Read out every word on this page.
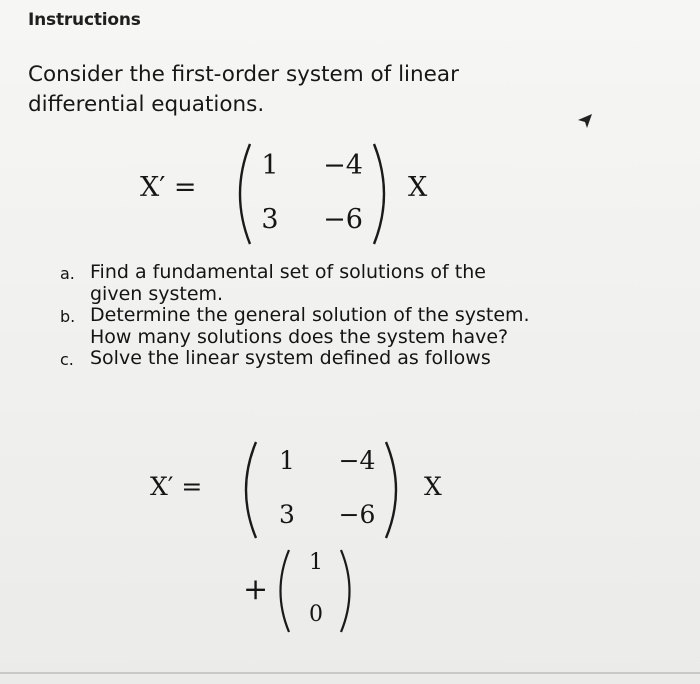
Instructions

Consider the first-order system of linear differential equations.

X′ =
1	−4
3	−6
X
a. Find a fundamental set of solutions of the given system.
b. Determine the general solution of the system. How many solutions does the system have?
c. Solve the linear system defined as follows
X′ =
1	−4
3	−6
X
+
1
0
